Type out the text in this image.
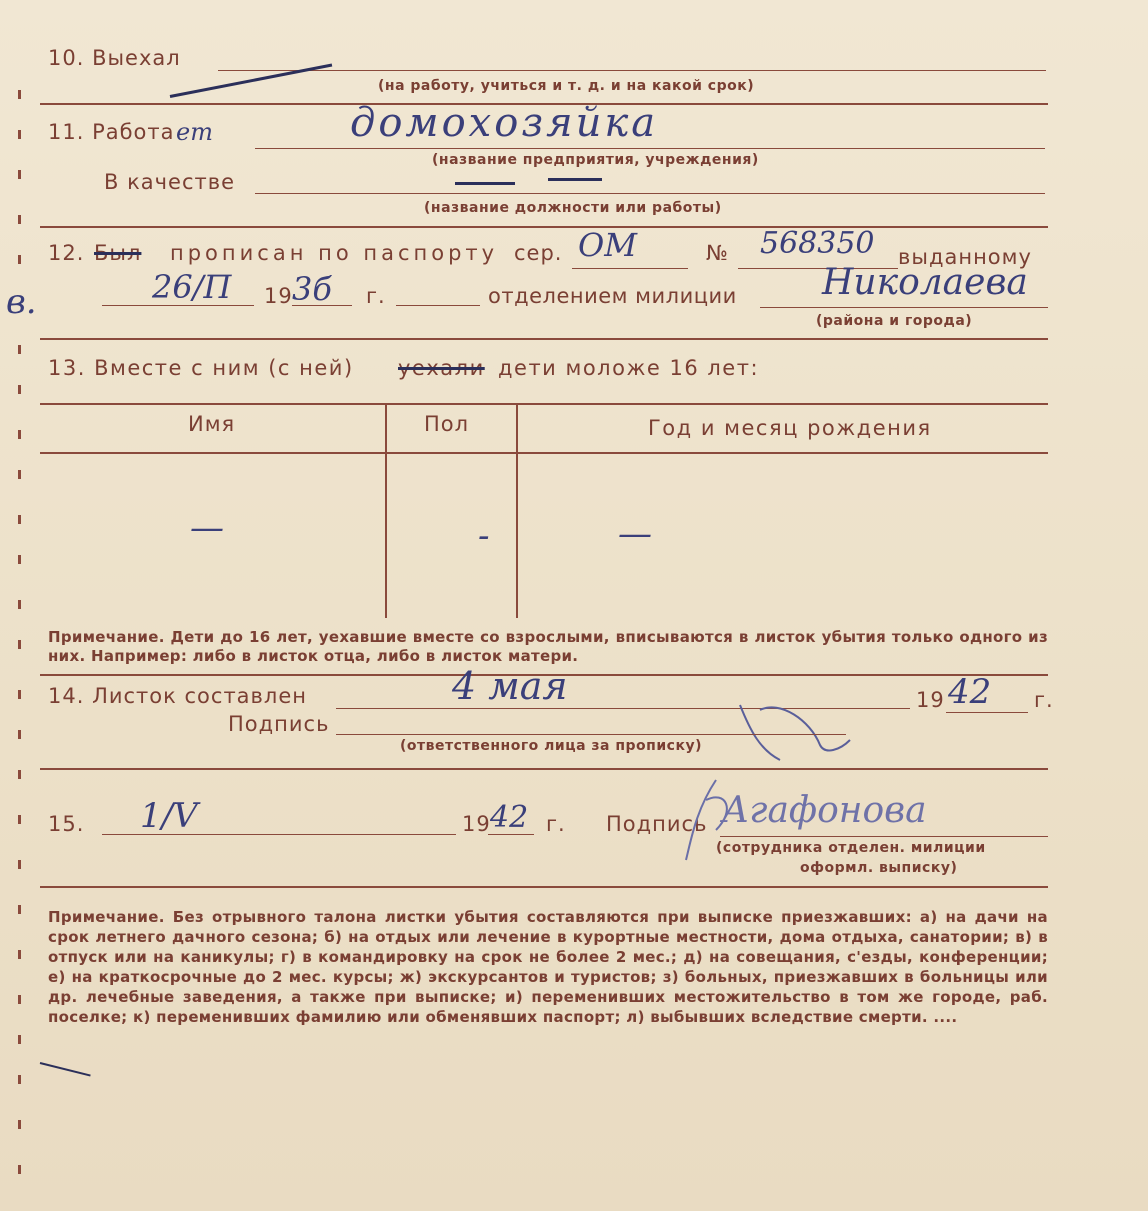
10. Выехал
(на работу, учиться и т. д. и на какой срок)
11. Работа ет	домохозяйка
(название предприятия, учреждения)
В качестве
(название должности или работы)
12. Был прописан по паспорту сер. ОМ	№ 568350 выданному
в.	26/П 19 3б г.	отделением милиции Николаева
(района и города)
13. Вместе с ним (с ней) уехали дети моложе 16 лет:
Имя	Пол	Год и месяц рождения
—	-	—
Примечание. Дети до 16 лет, уехавшие вместе со взрослыми, вписываются в листок убытия только одного из них. Например: либо в листок отца, либо в листок матери.
14. Листок составлен	4 мая	19 42 г.
Подпись
(ответственного лица за прописку)
15. 1/V	19 42 г. Подпись Агафонова
(сотрудника отделен. милиции
оформл. выписку)
Примечание. Без отрывного талона листки убытия составляются при выписке приезжавших: а) на дачи на срок летнего дачного сезона; б) на отдых или лечение в курортные местности, дома отдыха, санатории; в) в отпуск или на каникулы; г) в командировку на срок не более 2 мес.; д) на совещания, с'езды, конференции; е) на краткосрочные до 2 мес. курсы; ж) экскурсантов и туристов; з) больных, приезжавших в больницы или др. лечебные заведения, а также при выписке; и) переменивших местожительство в том же городе, раб. поселке; к) переменивших фамилию или обменявших паспорт; л) выбывших вследствие смерти. ....
